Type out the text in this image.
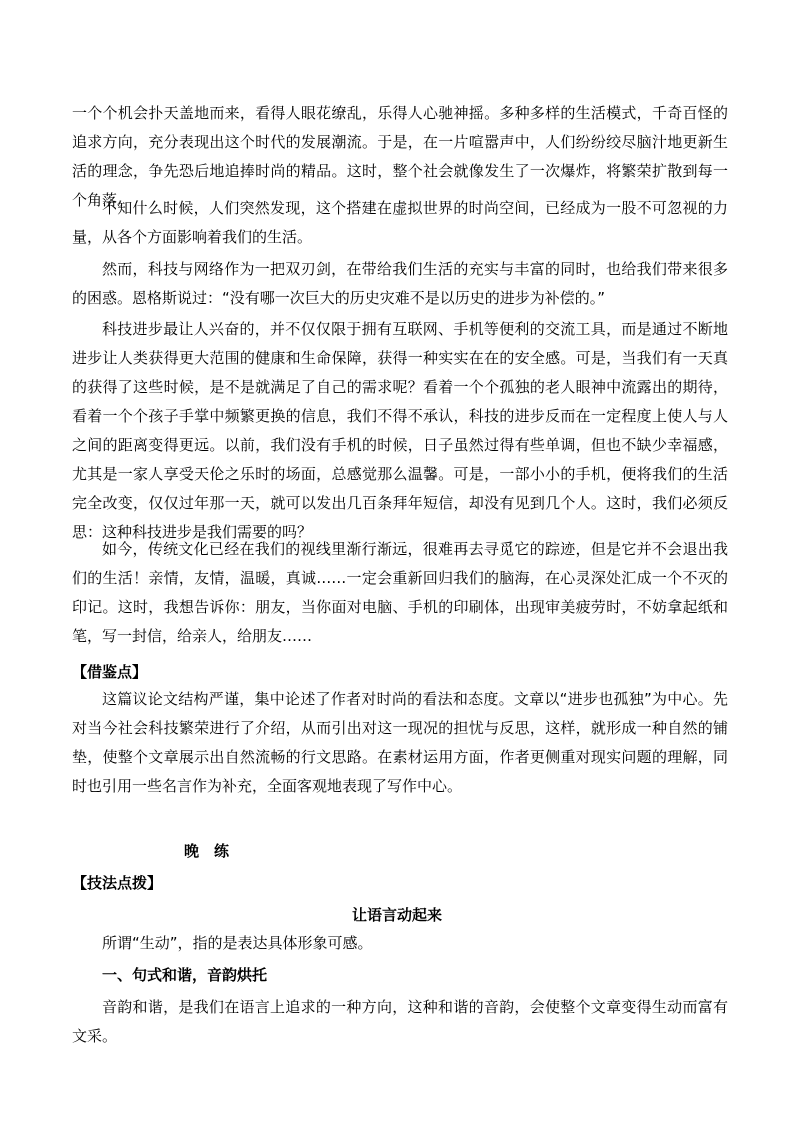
一个个机会扑天盖地而来，看得人眼花缭乱，乐得人心驰神摇。多种多样的生活模式，千奇百怪的追求方向，充分表现出这个时代的发展潮流。于是，在一片喧嚣声中，人们纷纷绞尽脑汁地更新生活的理念，争先恐后地追捧时尚的精品。这时，整个社会就像发生了一次爆炸，将繁荣扩散到每一个角落。

不知什么时候，人们突然发现，这个搭建在虚拟世界的时尚空间，已经成为一股不可忽视的力量，从各个方面影响着我们的生活。

然而，科技与网络作为一把双刃剑，在带给我们生活的充实与丰富的同时，也给我们带来很多的困惑。恩格斯说过：“没有哪一次巨大的历史灾难不是以历史的进步为补偿的。”

科技进步最让人兴奋的，并不仅仅限于拥有互联网、手机等便利的交流工具，而是通过不断地进步让人类获得更大范围的健康和生命保障，获得一种实实在在的安全感。可是，当我们有一天真的获得了这些时候，是不是就满足了自己的需求呢？看着一个个孤独的老人眼神中流露出的期待，看着一个个孩子手掌中频繁更换的信息，我们不得不承认，科技的进步反而在一定程度上使人与人之间的距离变得更远。以前，我们没有手机的时候，日子虽然过得有些单调，但也不缺少幸福感，尤其是一家人享受天伦之乐时的场面，总感觉那么温馨。可是，一部小小的手机，便将我们的生活完全改变，仅仅过年那一天，就可以发出几百条拜年短信，却没有见到几个人。这时，我们必须反思：这种科技进步是我们需要的吗？

如今，传统文化已经在我们的视线里渐行渐远，很难再去寻觅它的踪迹，但是它并不会退出我们的生活！亲情，友情，温暖，真诚……一定会重新回归我们的脑海，在心灵深处汇成一个不灭的印记。这时，我想告诉你：朋友，当你面对电脑、手机的印刷体，出现审美疲劳时，不妨拿起纸和笔，写一封信，给亲人，给朋友……

【借鉴点】

这篇议论文结构严谨，集中论述了作者对时尚的看法和态度。文章以“进步也孤独”为中心。先对当今社会科技繁荣进行了介绍，从而引出对这一现况的担忧与反思，这样，就形成一种自然的铺垫，使整个文章展示出自然流畅的行文思路。在素材运用方面，作者更侧重对现实问题的理解，同时也引用一些名言作为补充，全面客观地表现了写作中心。

晚　练

【技法点拨】

让语言动起来

所谓“生动”，指的是表达具体形象可感。

一、句式和谐，音韵烘托

音韵和谐，是我们在语言上追求的一种方向，这种和谐的音韵，会使整个文章变得生动而富有文采。
